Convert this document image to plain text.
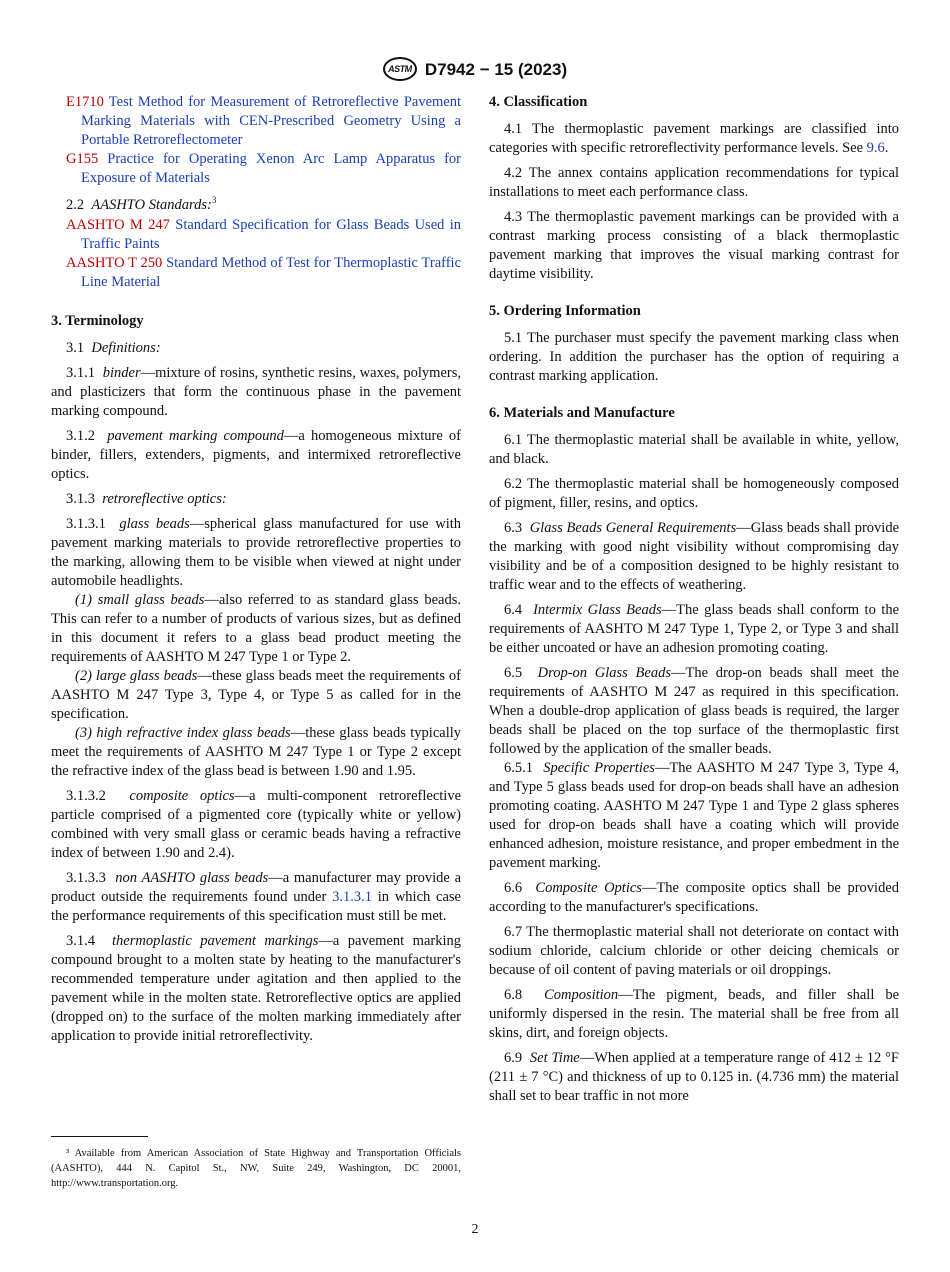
ASTM D7942 − 15 (2023)
E1710 Test Method for Measurement of Retroreflective Pavement Marking Materials with CEN-Prescribed Geometry Using a Portable Retroreflectometer
G155 Practice for Operating Xenon Arc Lamp Apparatus for Exposure of Materials

2.2 AASHTO Standards:$^3$

AASHTO M 247 Standard Specification for Glass Beads Used in Traffic Paints
AASHTO T 250 Standard Method of Test for Thermoplastic Traffic Line Material
3. Terminology

3.1 Definitions:

3.1.1 binder—mixture of rosins, synthetic resins, waxes, polymers, and plasticizers that form the continuous phase in the pavement marking compound.

3.1.2 pavement marking compound—a homogeneous mixture of binder, fillers, extenders, pigments, and intermixed retroreflective optics.

3.1.3 retroreflective optics:

3.1.3.1 glass beads—spherical glass manufactured for use with pavement marking materials to provide retroreflective properties to the marking, allowing them to be visible when viewed at night under automobile headlights.

(1) small glass beads—also referred to as standard glass beads. This can refer to a number of products of various sizes, but as defined in this document it refers to a glass bead product meeting the requirements of AASHTO M 247 Type 1 or Type 2.

(2) large glass beads—these glass beads meet the requirements of AASHTO M 247 Type 3, Type 4, or Type 5 as called for in the specification.

(3) high refractive index glass beads—these glass beads typically meet the requirements of AASHTO M 247 Type 1 or Type 2 except the refractive index of the glass bead is between 1.90 and 1.95.

3.1.3.2 composite optics—a multi-component retroreflective particle comprised of a pigmented core (typically white or yellow) combined with very small glass or ceramic beads having a refractive index of between 1.90 and 2.4).

3.1.3.3 non AASHTO glass beads—a manufacturer may provide a product outside the requirements found under 3.1.3.1 in which case the performance requirements of this specification must still be met.

3.1.4 thermoplastic pavement markings—a pavement marking compound brought to a molten state by heating to the manufacturer's recommended temperature under agitation and then applied to the pavement while in the molten state. Retroreflective optics are applied (dropped on) to the surface of the molten marking immediately after application to provide initial retroreflectivity.

³ Available from American Association of State Highway and Transportation Officials (AASHTO), 444 N. Capitol St., NW, Suite 249, Washington, DC 20001, http://www.transportation.org.
4. Classification

4.1 The thermoplastic pavement markings are classified into categories with specific retroreflectivity performance levels. See 9.6.

4.2 The annex contains application recommendations for typical installations to meet each performance class.

4.3 The thermoplastic pavement markings can be provided with a contrast marking process consisting of a black thermoplastic pavement marking that improves the visual marking contrast for daytime visibility.

5. Ordering Information

5.1 The purchaser must specify the pavement marking class when ordering. In addition the purchaser has the option of requiring a contrast marking application.

6. Materials and Manufacture

6.1 The thermoplastic material shall be available in white, yellow, and black.

6.2 The thermoplastic material shall be homogeneously composed of pigment, filler, resins, and optics.

6.3 Glass Beads General Requirements—Glass beads shall provide the marking with good night visibility without compromising day visibility and be of a composition designed to be highly resistant to traffic wear and to the effects of weathering.

6.4 Intermix Glass Beads—The glass beads shall conform to the requirements of AASHTO M 247 Type 1, Type 2, or Type 3 and shall be either uncoated or have an adhesion promoting coating.

6.5 Drop-on Glass Beads—The drop-on beads shall meet the requirements of AASHTO M 247 as required in this specification. When a double-drop application of glass beads is required, the larger beads shall be placed on the top surface of the thermoplastic first followed by the application of the smaller beads.

6.5.1 Specific Properties—The AASHTO M 247 Type 3, Type 4, and Type 5 glass beads used for drop-on beads shall have an adhesion promoting coating. AASHTO M 247 Type 1 and Type 2 glass spheres used for drop-on beads shall have a coating which will provide enhanced adhesion, moisture resistance, and proper embedment in the pavement marking.

6.6 Composite Optics—The composite optics shall be provided according to the manufacturer's specifications.

6.7 The thermoplastic material shall not deteriorate on contact with sodium chloride, calcium chloride or other deicing chemicals or because of oil content of paving materials or oil droppings.

6.8 Composition—The pigment, beads, and filler shall be uniformly dispersed in the resin. The material shall be free from all skins, dirt, and foreign objects.

6.9 Set Time—When applied at a temperature range of 412 ± 12 °F (211 ± 7 °C) and thickness of up to 0.125 in. (4.736 mm) the material shall set to bear traffic in not more

2
